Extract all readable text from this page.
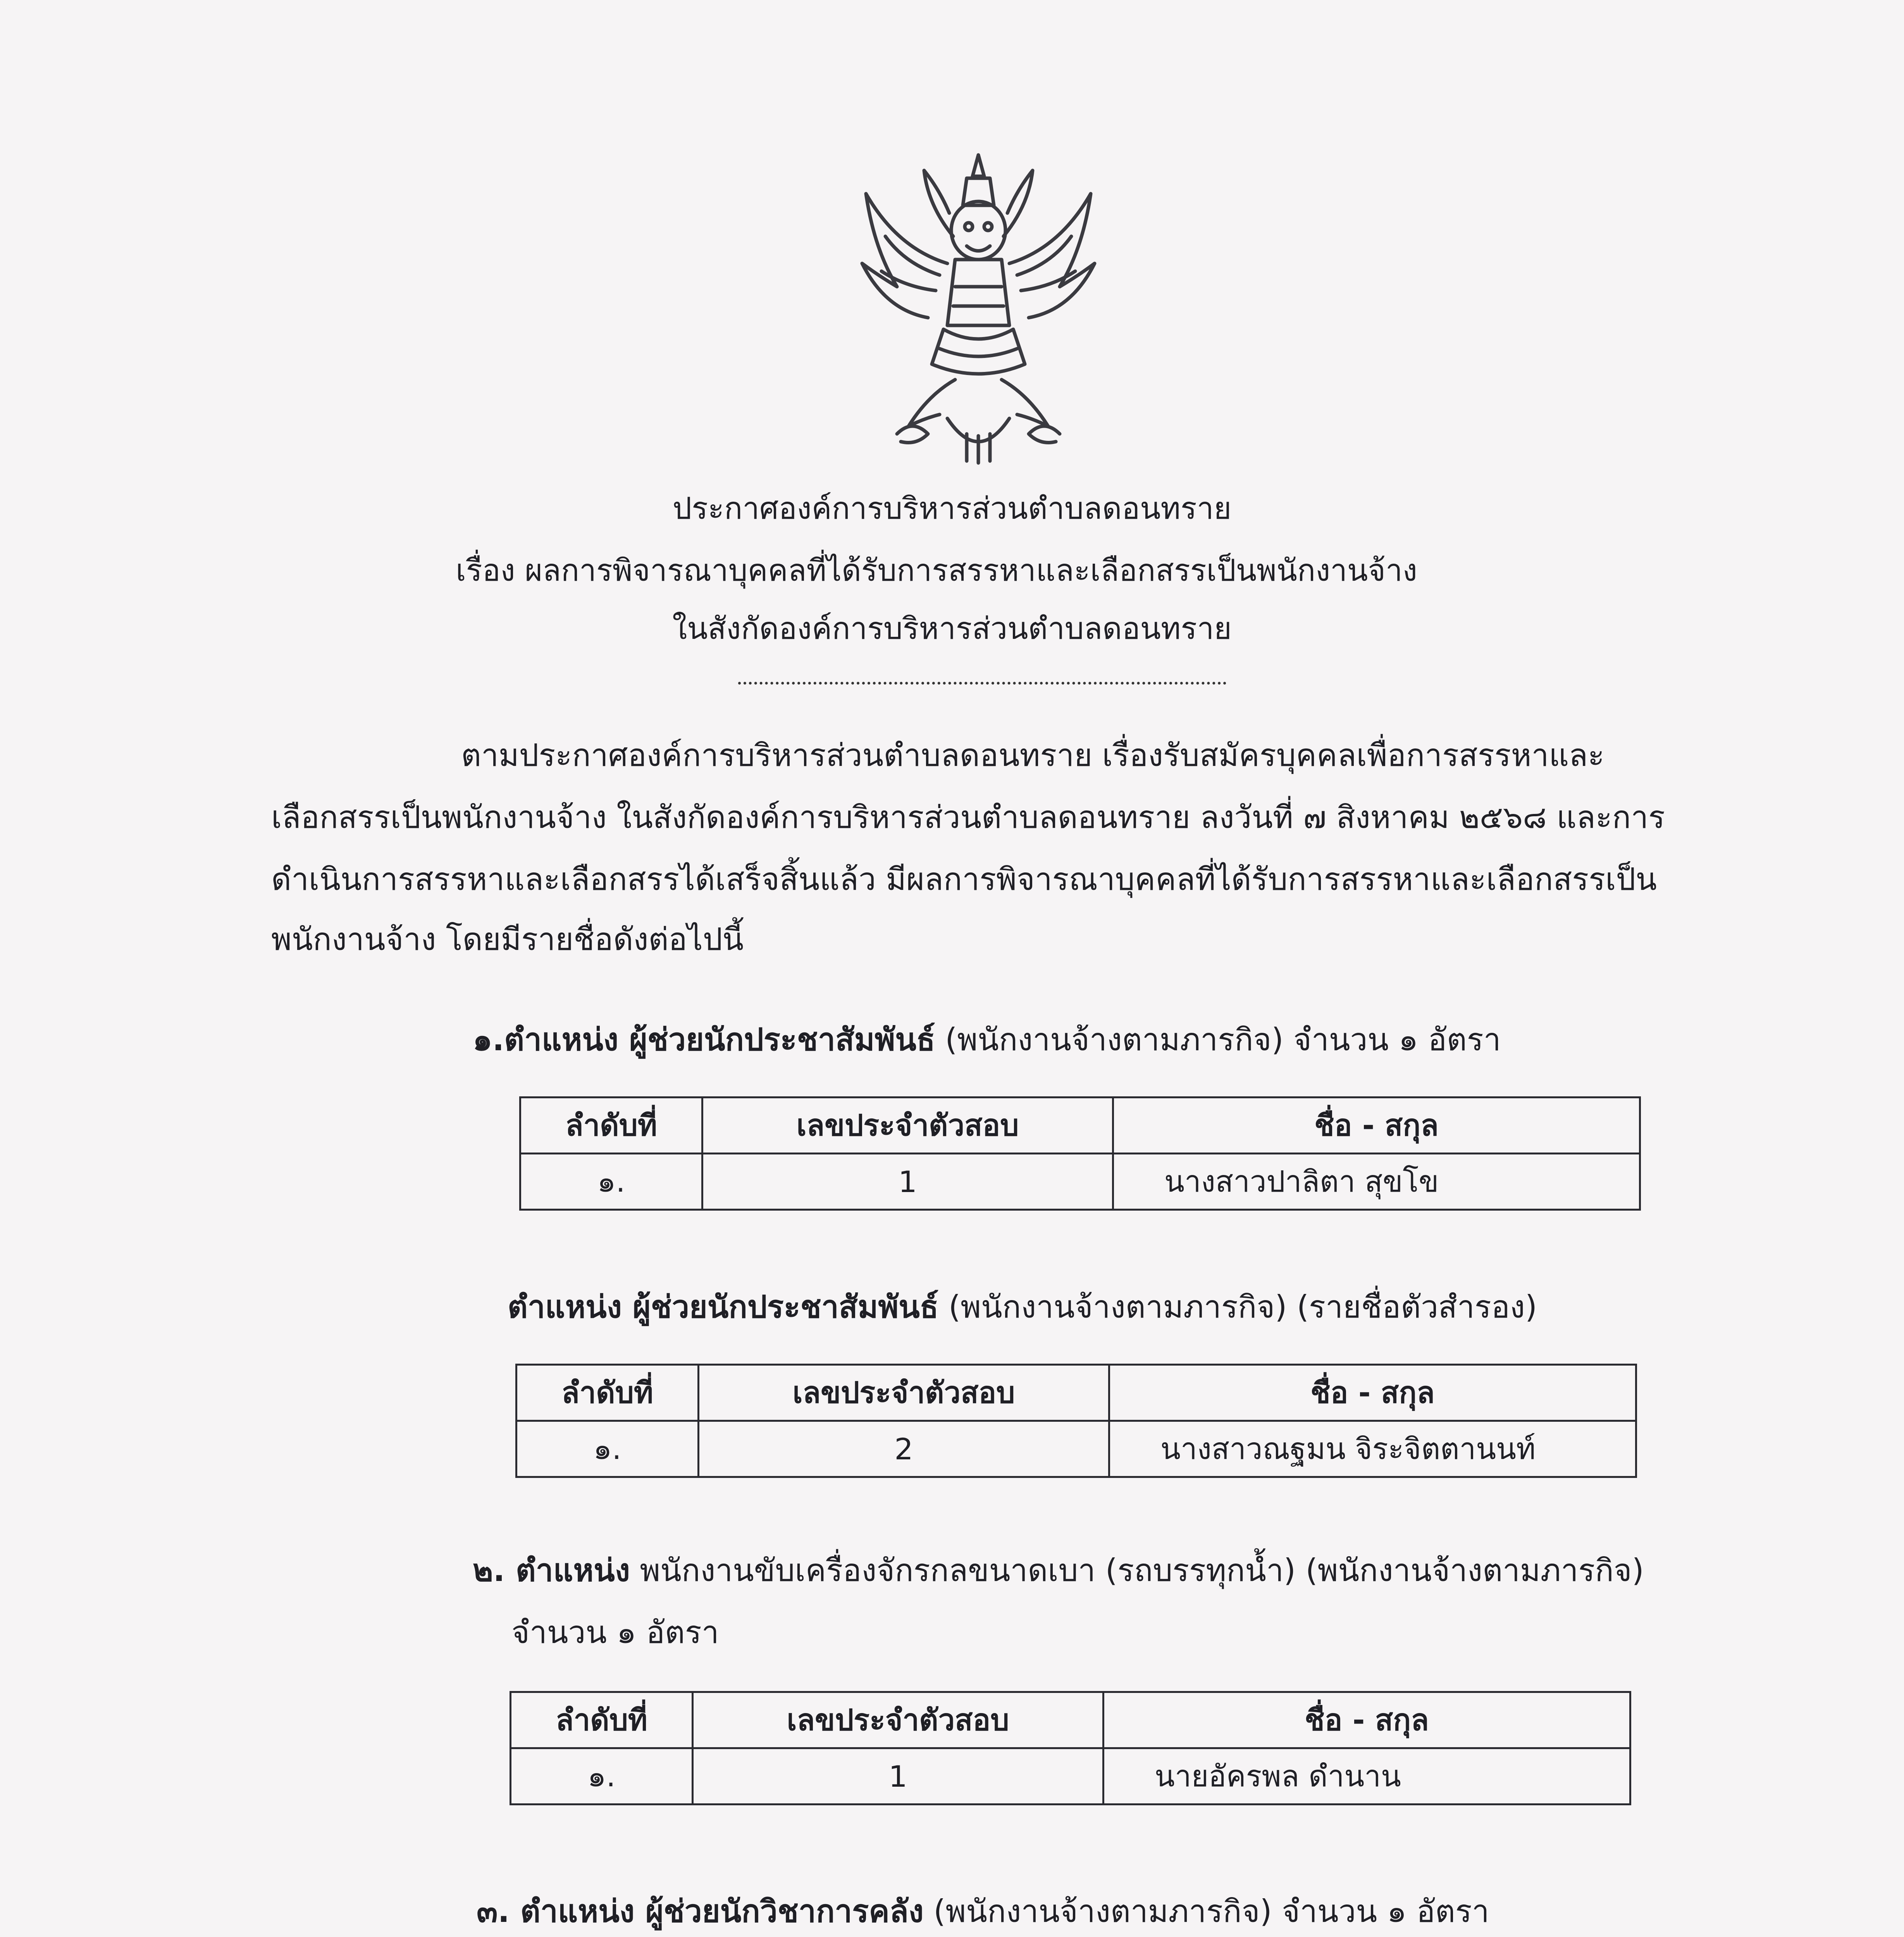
ประกาศองค์การบริหารส่วนตำบลดอนทราย
เรื่อง ผลการพิจารณาบุคคลที่ได้รับการสรรหาและเลือกสรรเป็นพนักงานจ้าง
ในสังกัดองค์การบริหารส่วนตำบลดอนทราย
ตามประกาศองค์การบริหารส่วนตำบลดอนทราย เรื่องรับสมัครบุคคลเพื่อการสรรหาและ
เลือกสรรเป็นพนักงานจ้าง ในสังกัดองค์การบริหารส่วนตำบลดอนทราย ลงวันที่ ๗ สิงหาคม ๒๕๖๘ และการ
ดำเนินการสรรหาและเลือกสรรได้เสร็จสิ้นแล้ว มีผลการพิจารณาบุคคลที่ได้รับการสรรหาและเลือกสรรเป็น
พนักงานจ้าง โดยมีรายชื่อดังต่อไปนี้
๑.ตำแหน่ง ผู้ช่วยนักประชาสัมพันธ์ (พนักงานจ้างตามภารกิจ) จำนวน ๑ อัตรา
ลำดับที่	เลขประจำตัวสอบ	ชื่อ - สกุล
๑.	1	นางสาวปาลิตา สุขโข
ตำแหน่ง ผู้ช่วยนักประชาสัมพันธ์ (พนักงานจ้างตามภารกิจ) (รายชื่อตัวสำรอง)
ลำดับที่	เลขประจำตัวสอบ	ชื่อ - สกุล
๑.	2	นางสาวณฐมน จิระจิตตานนท์
๒. ตำแหน่ง พนักงานขับเครื่องจักรกลขนาดเบา (รถบรรทุกน้ำ) (พนักงานจ้างตามภารกิจ)
จำนวน ๑ อัตรา
ลำดับที่	เลขประจำตัวสอบ	ชื่อ - สกุล
๑.	1	นายอัครพล ดำนาน
๓. ตำแหน่ง ผู้ช่วยนักวิชาการคลัง (พนักงานจ้างตามภารกิจ) จำนวน ๑ อัตรา
